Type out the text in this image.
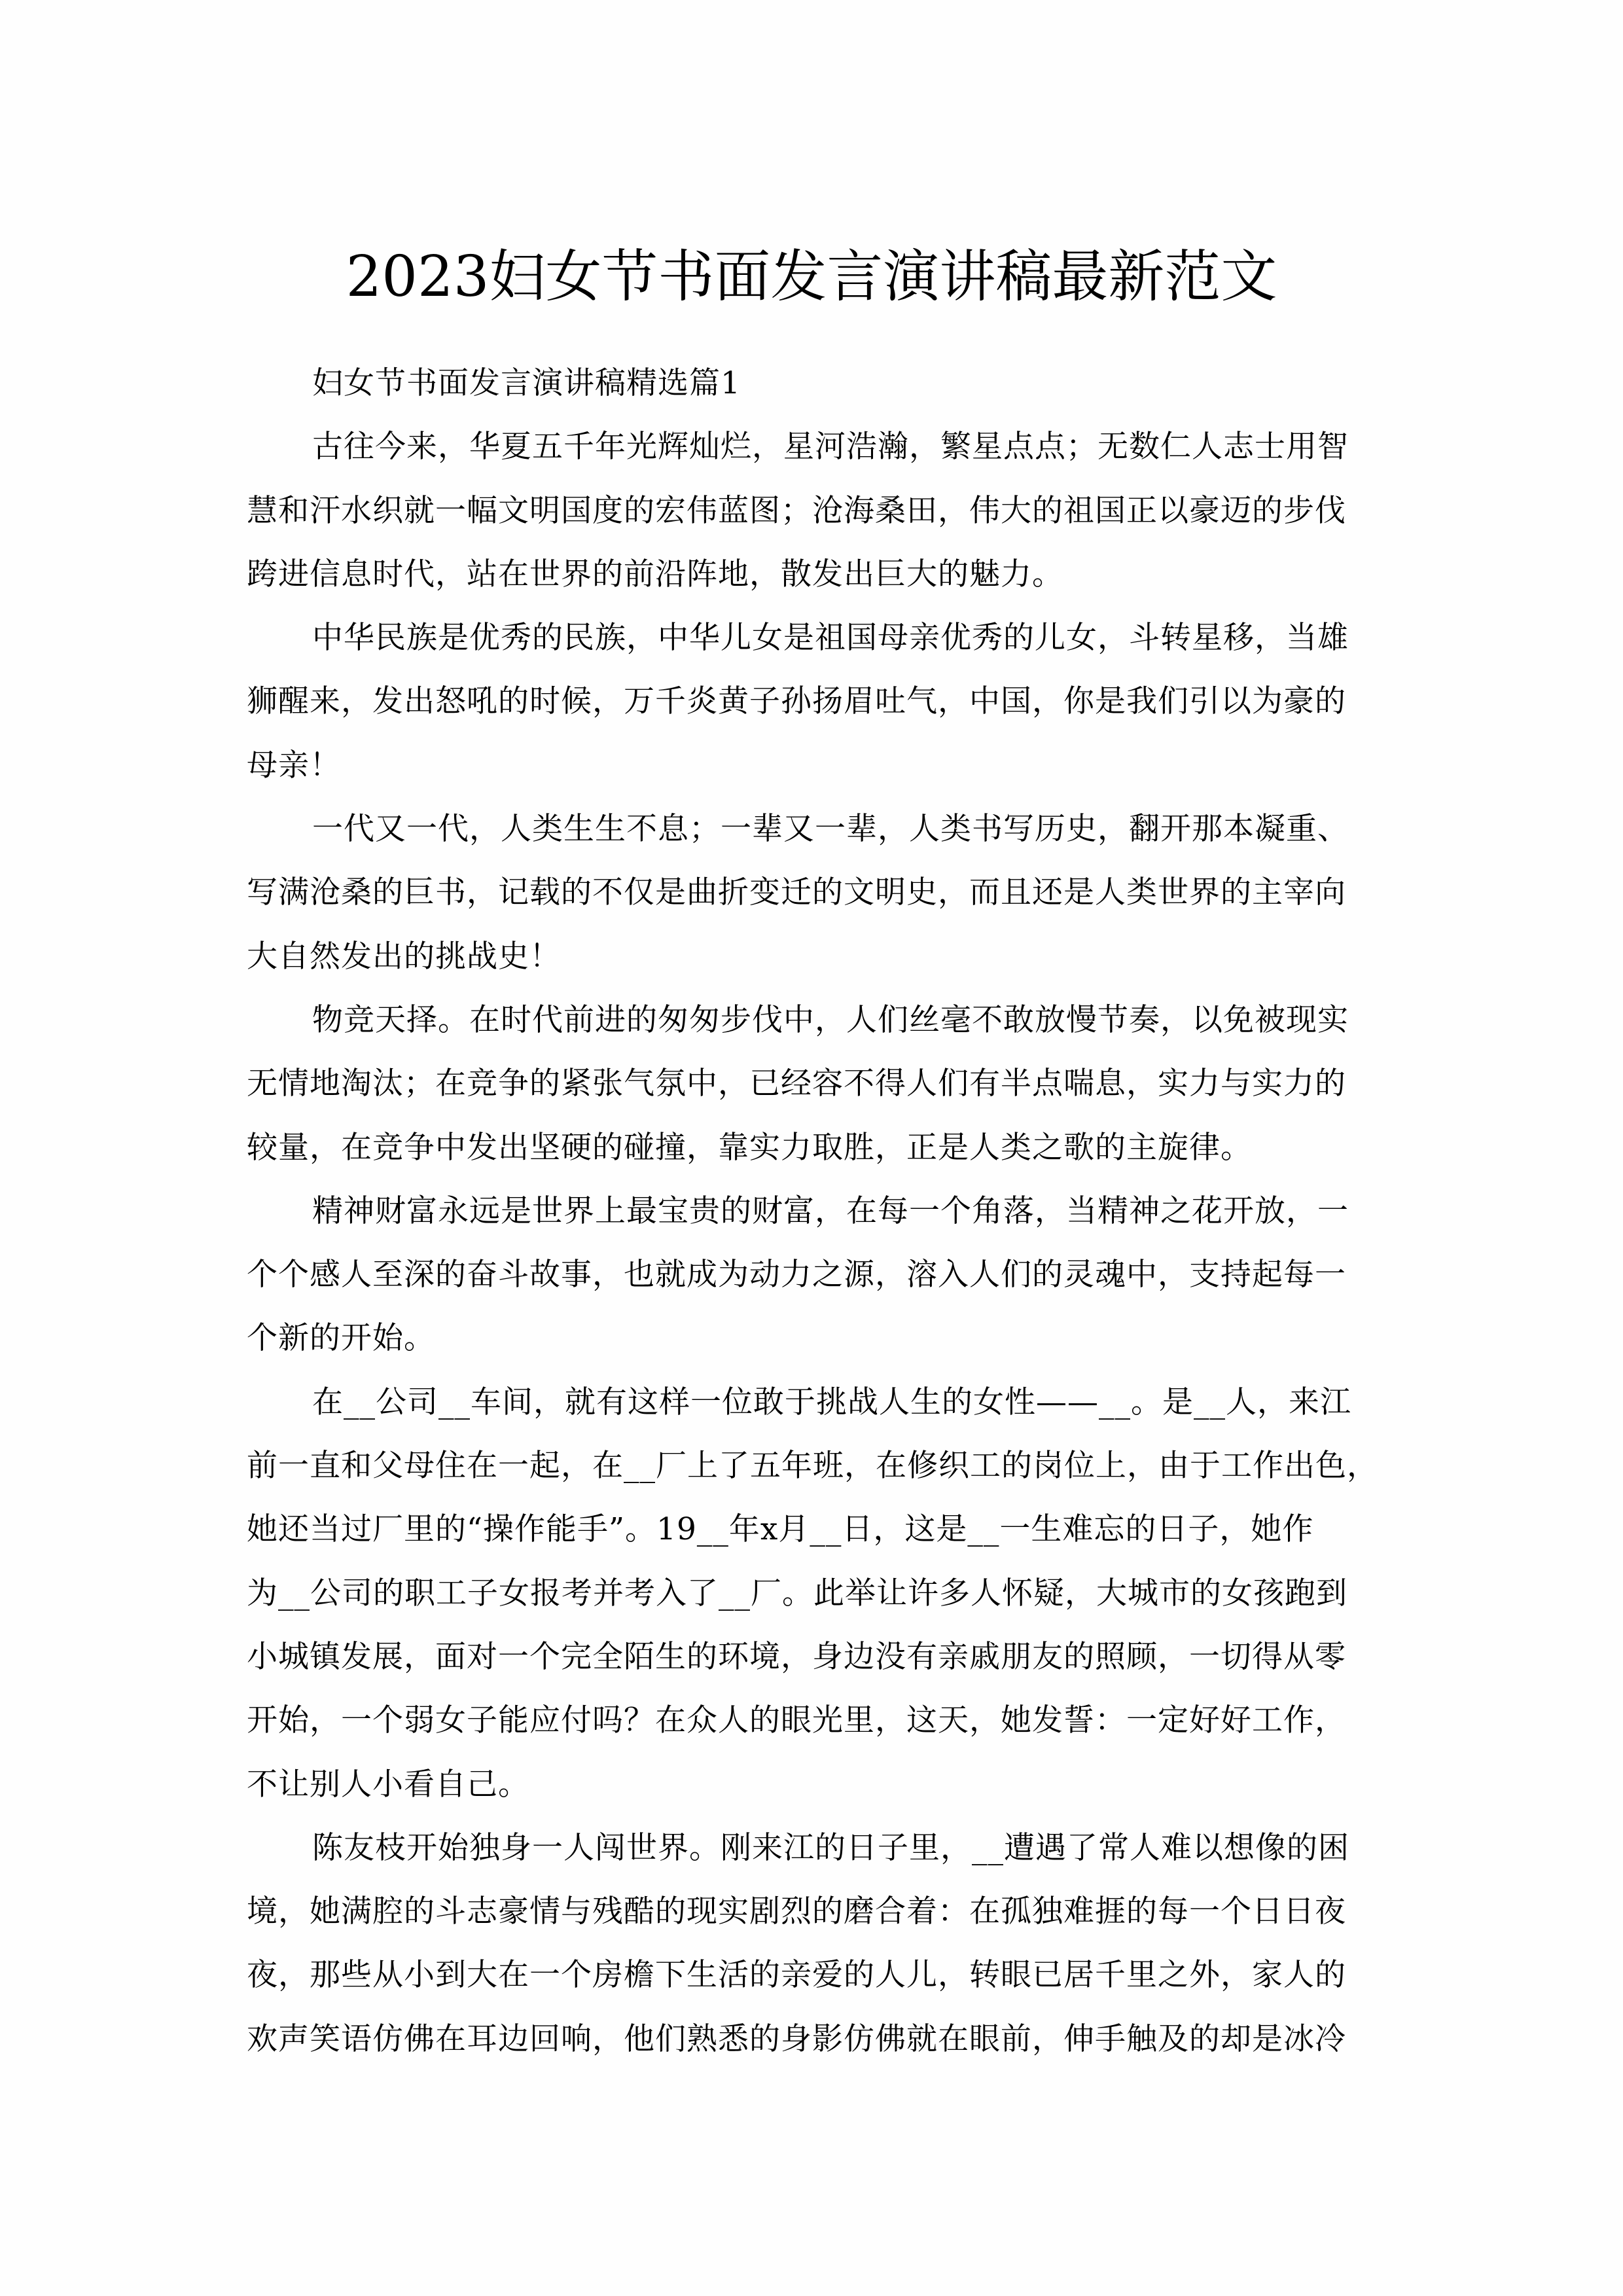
2023妇女节书面发言演讲稿最新范文
妇女节书面发言演讲稿精选篇1
古往今来，华夏五千年光辉灿烂，星河浩瀚，繁星点点；无数仁人志士用智
慧和汗水织就一幅文明国度的宏伟蓝图；沧海桑田，伟大的祖国正以豪迈的步伐
跨进信息时代，站在世界的前沿阵地，散发出巨大的魅力。
中华民族是优秀的民族，中华儿女是祖国母亲优秀的儿女，斗转星移，当雄
狮醒来，发出怒吼的时候，万千炎黄子孙扬眉吐气，中国，你是我们引以为豪的
母亲！
一代又一代，人类生生不息；一辈又一辈，人类书写历史，翻开那本凝重、
写满沧桑的巨书，记载的不仅是曲折变迁的文明史，而且还是人类世界的主宰向
大自然发出的挑战史！
物竞天择。在时代前进的匆匆步伐中，人们丝毫不敢放慢节奏，以免被现实
无情地淘汰；在竞争的紧张气氛中，已经容不得人们有半点喘息，实力与实力的
较量，在竞争中发出坚硬的碰撞，靠实力取胜，正是人类之歌的主旋律。
精神财富永远是世界上最宝贵的财富，在每一个角落，当精神之花开放，一
个个感人至深的奋斗故事，也就成为动力之源，溶入人们的灵魂中，支持起每一
个新的开始。
在__公司__车间，就有这样一位敢于挑战人生的女性——__。是__人，来江
前一直和父母住在一起，在__厂上了五年班，在修织工的岗位上，由于工作出色，
她还当过厂里的“操作能手”。19__年x月__日，这是__一生难忘的日子，她作
为__公司的职工子女报考并考入了__厂。此举让许多人怀疑，大城市的女孩跑到
小城镇发展，面对一个完全陌生的环境，身边没有亲戚朋友的照顾，一切得从零
开始，一个弱女子能应付吗？在众人的眼光里，这天，她发誓：一定好好工作，
不让别人小看自己。
陈友枝开始独身一人闯世界。刚来江的日子里，__遭遇了常人难以想像的困
境，她满腔的斗志豪情与残酷的现实剧烈的磨合着：在孤独难捱的每一个日日夜
夜，那些从小到大在一个房檐下生活的亲爱的人儿，转眼已居千里之外，家人的
欢声笑语仿佛在耳边回响，他们熟悉的身影仿佛就在眼前，伸手触及的却是冰冷
